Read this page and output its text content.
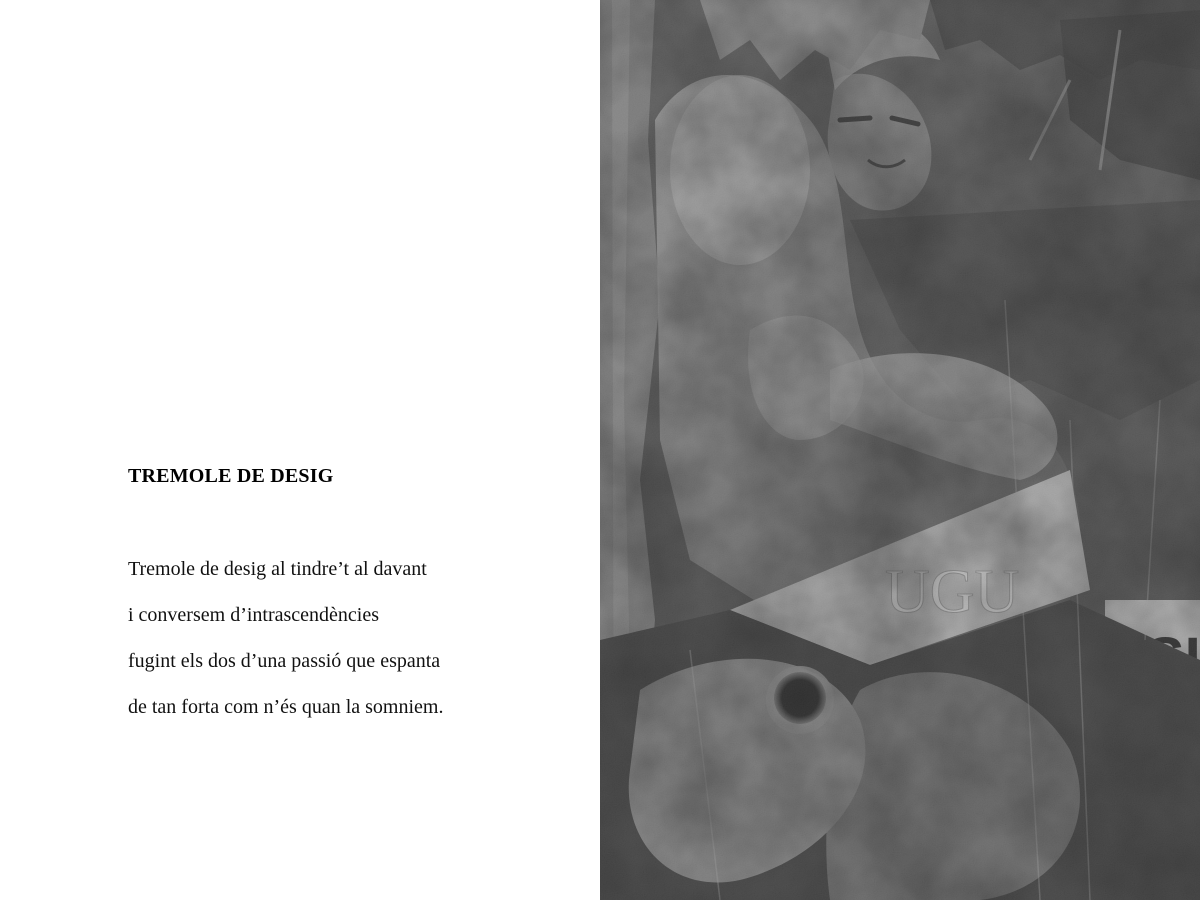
TREMOLE DE DESIG
Tremole de desig al tindre’t al davant
i conversem d’intrascendències
fugint els dos d’una passió que espanta
de tan forta com n’és quan la somniem.
